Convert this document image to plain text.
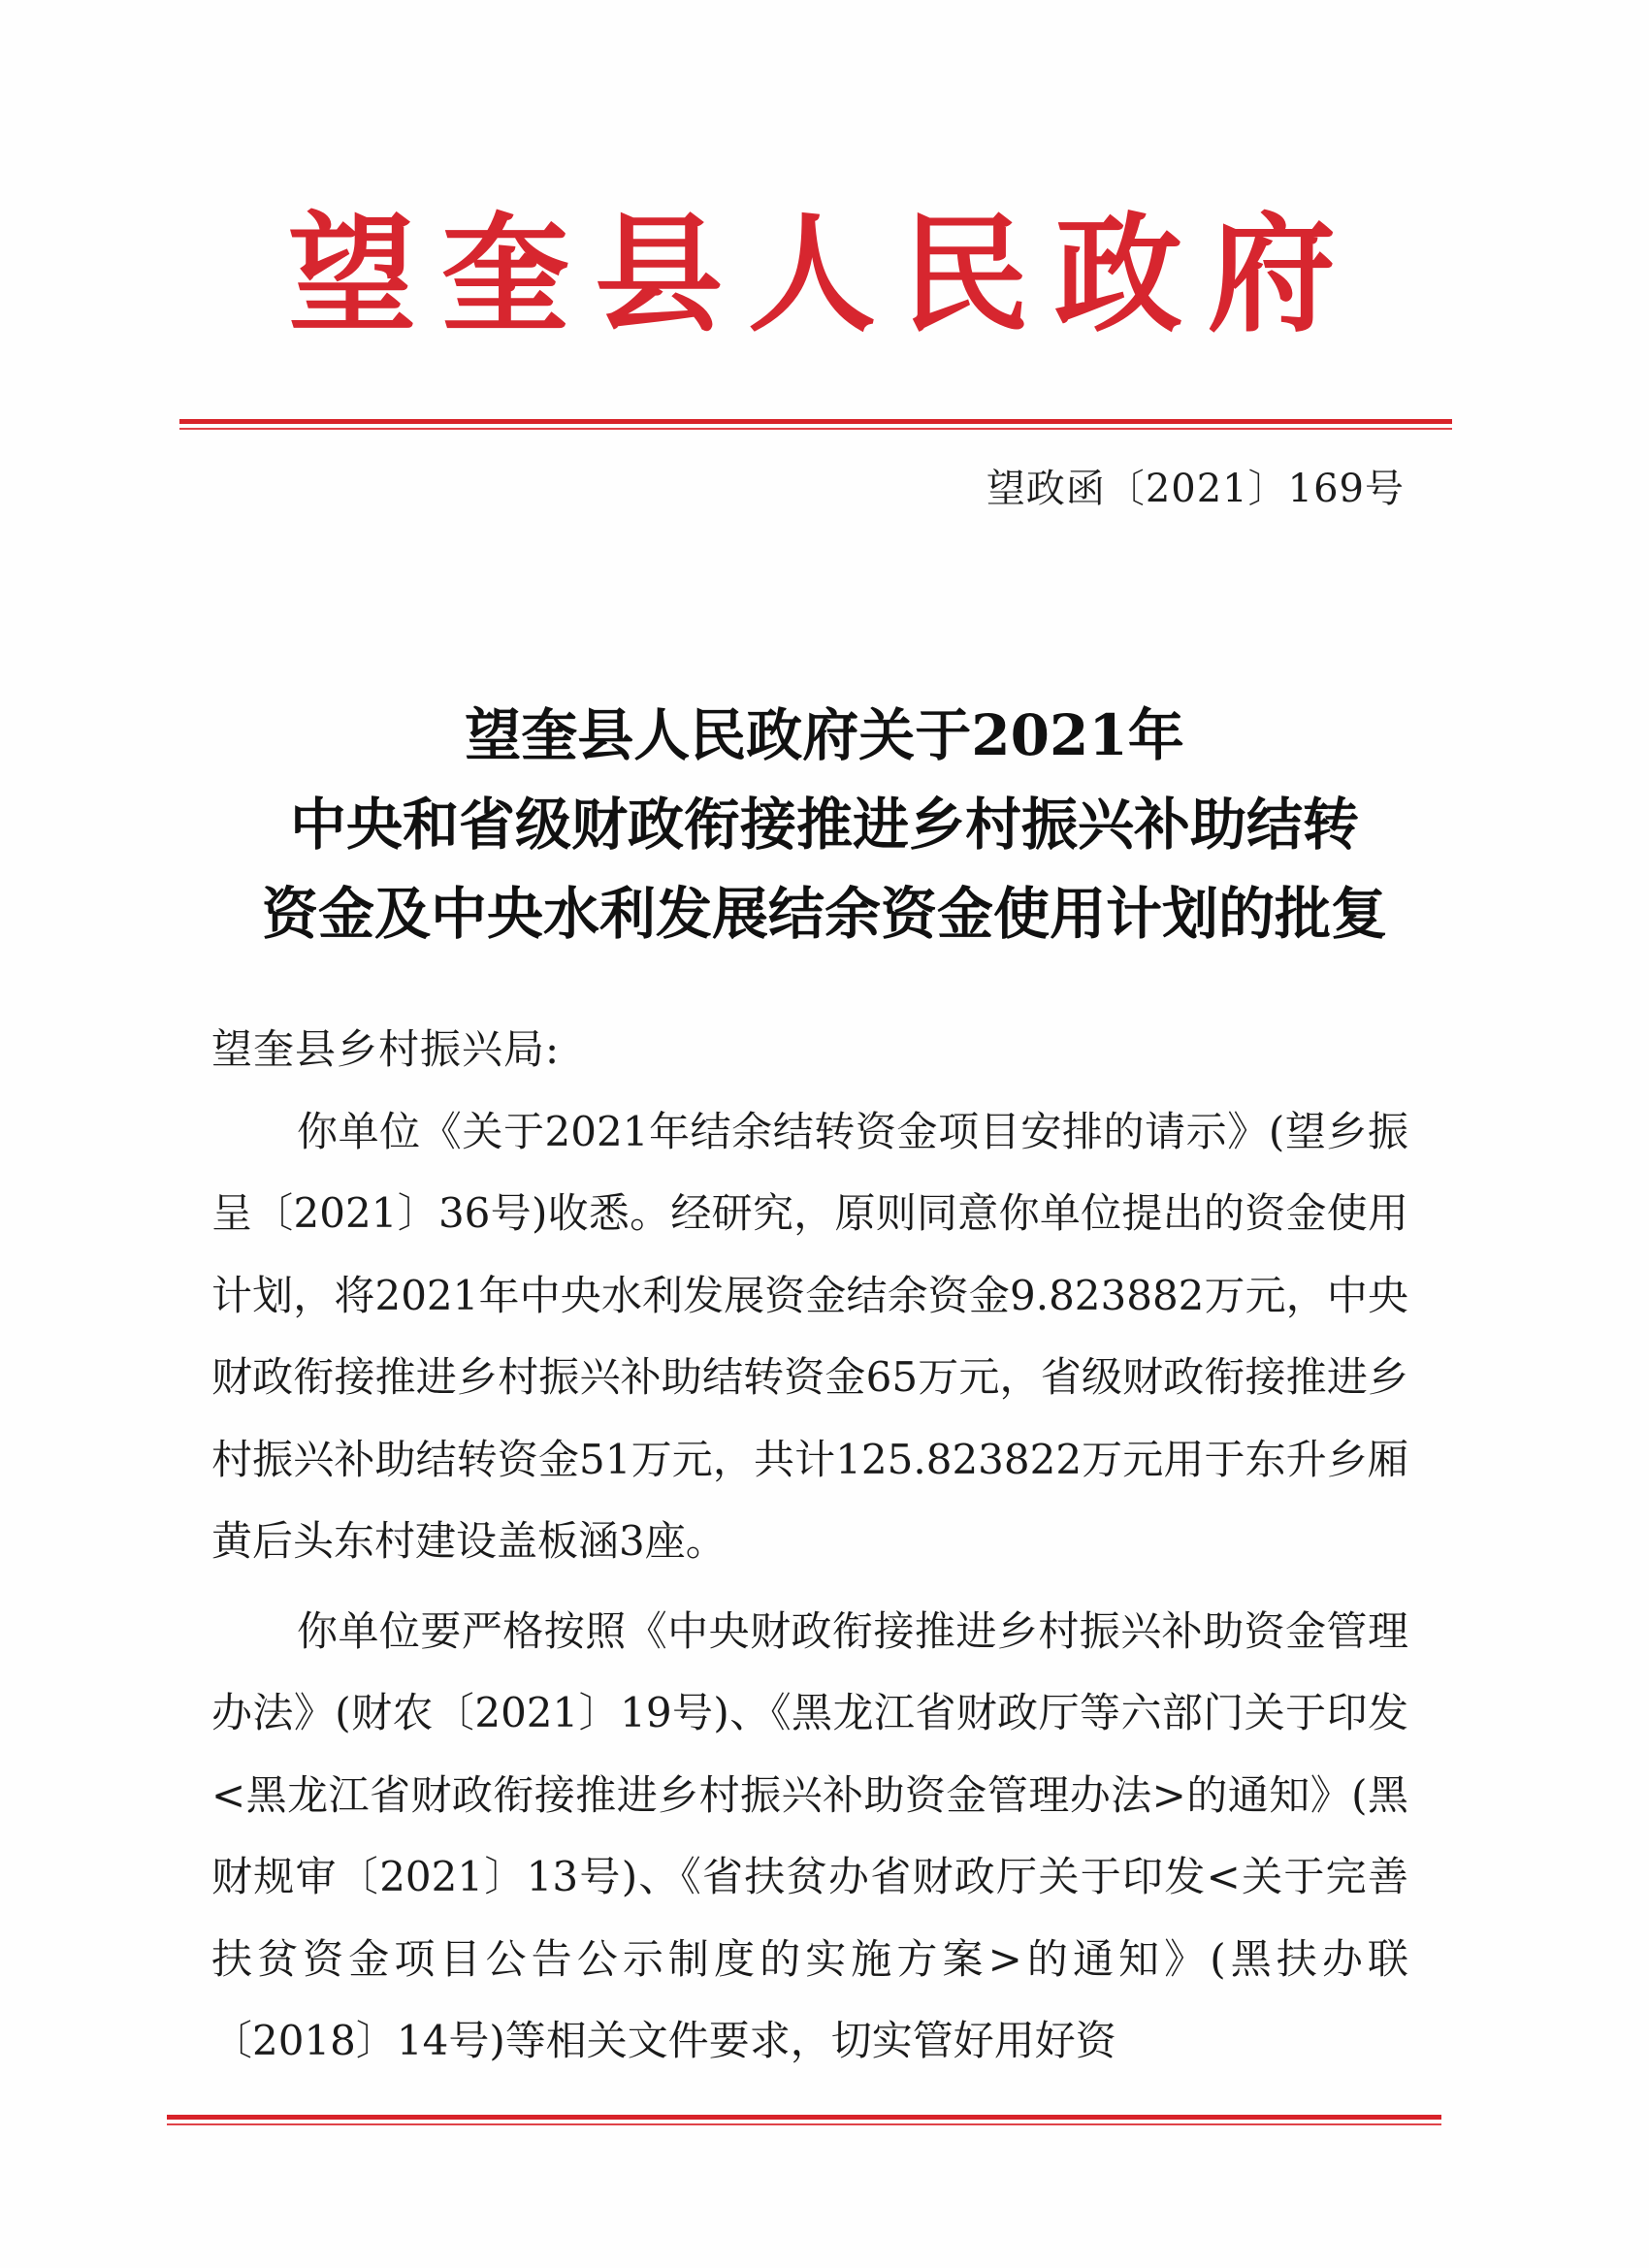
望奎县人民政府
望政函〔2021〕169号
望奎县人民政府关于2021年
中央和省级财政衔接推进乡村振兴补助结转
资金及中央水利发展结余资金使用计划的批复

望奎县乡村振兴局:

你单位《关于2021年结余结转资金项目安排的请示》(望乡振呈〔2021〕36号)收悉。经研究，原则同意你单位提出的资金使用计划，将2021年中央水利发展资金结余资金9.823882万元，中央财政衔接推进乡村振兴补助结转资金65万元，省级财政衔接推进乡村振兴补助结转资金51万元，共计125.823822万元用于东升乡厢黄后头东村建设盖板涵3座。

你单位要严格按照《中央财政衔接推进乡村振兴补助资金管理办法》(财农〔2021〕19号)、《黑龙江省财政厅等六部门关于印发<黑龙江省财政衔接推进乡村振兴补助资金管理办法>的通知》(黑财规审〔2021〕13号)、《省扶贫办省财政厅关于印发<关于完善扶贫资金项目公告公示制度的实施方案>的通知》(黑扶办联〔2018〕14号)等相关文件要求，切实管好用好资
